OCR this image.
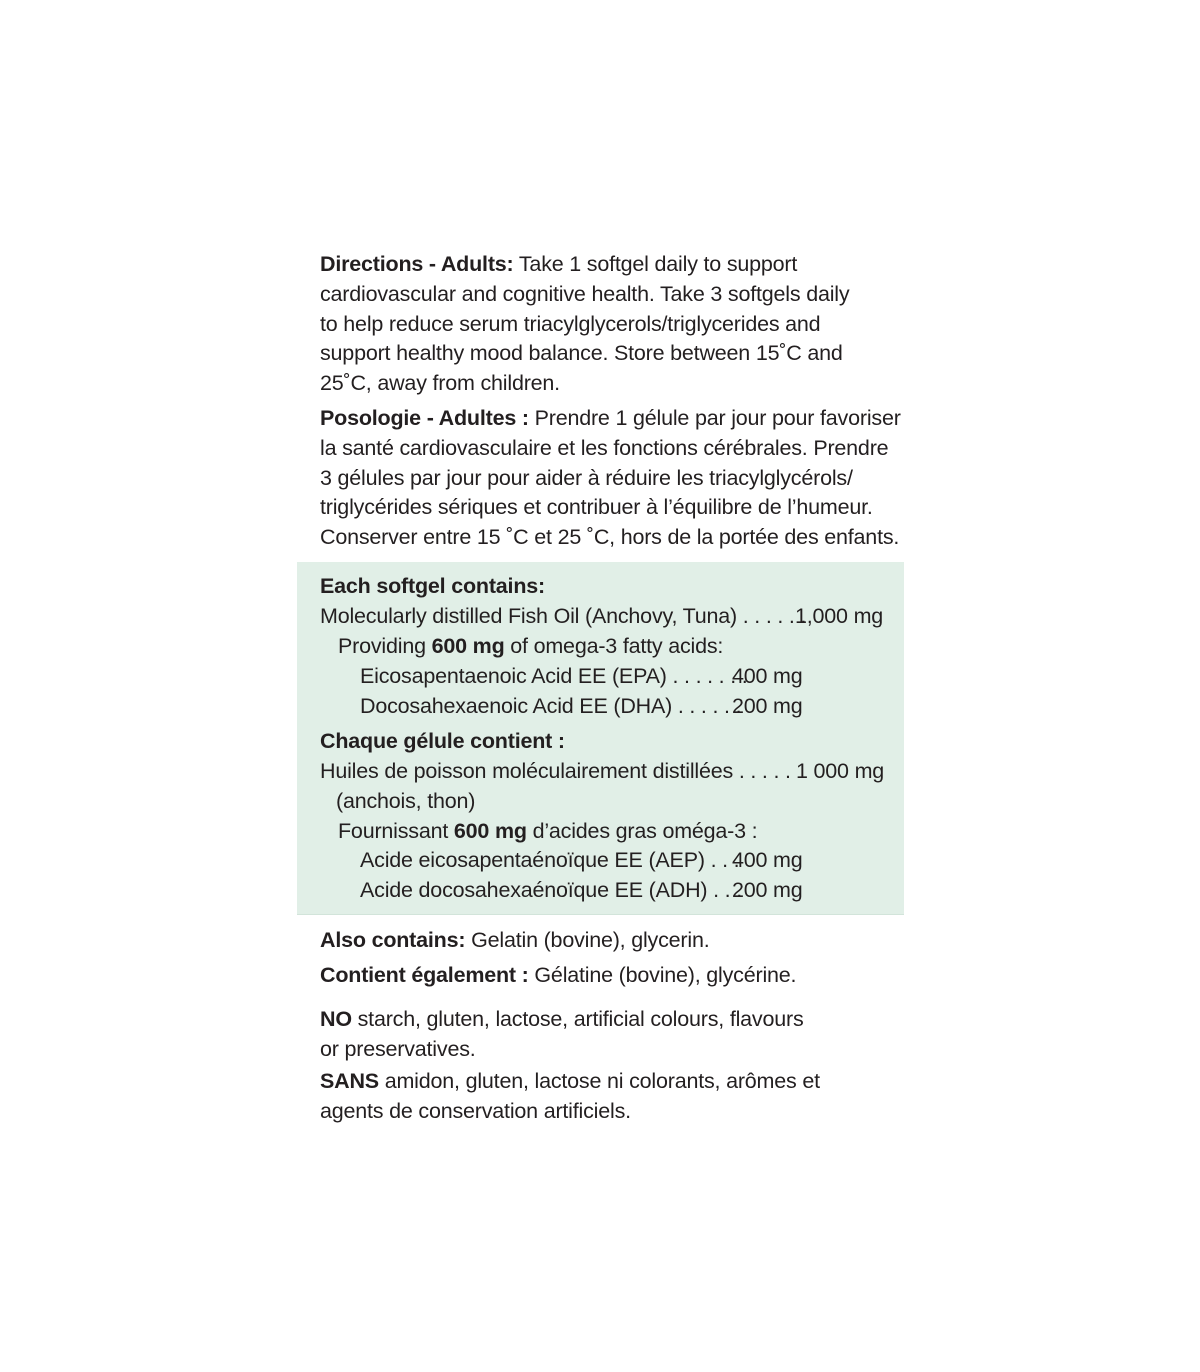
Directions - Adults: Take 1 softgel daily to support

cardiovascular and cognitive health. Take 3 softgels daily

to help reduce serum triacylglycerols/triglycerides and

support healthy mood balance. Store between 15˚C and

25˚C, away from children.

Posologie - Adultes : Prendre 1 gélule par jour pour favoriser

la santé cardiovasculaire et les fonctions cérébrales. Prendre

3 gélules par jour pour aider à réduire les triacylglycérols/

triglycérides sériques et contribuer à l’équilibre de l’humeur.

Conserver entre 15 ˚C et 25 ˚C, hors de la portée des enfants.

Each softgel contains:
Molecularly distilled Fish Oil (Anchovy, Tuna) . . . . . .
1,000 mg
Providing 600 mg of omega-3 fatty acids:
Eicosapentaenoic Acid EE (EPA) . . . . . . .
400 mg
Docosahexaenoic Acid EE (DHA) . . . . . .
200 mg
Chaque gélule contient :
Huiles de poisson moléculairement distillées . . . . . 1 000 mg
(anchois, thon)
Fournissant 600 mg d’acides gras oméga-3 :
Acide eicosapentaénoïque EE (AEP) . . .
400 mg
Acide docosahexaénoïque EE (ADH) . . .
200 mg

Also contains: Gelatin (bovine), glycerin.

Contient également : Gélatine (bovine), glycérine.

NO starch, gluten, lactose, artificial colours, flavours

or preservatives.

SANS amidon, gluten, lactose ni colorants, arômes et

agents de conservation artificiels.
